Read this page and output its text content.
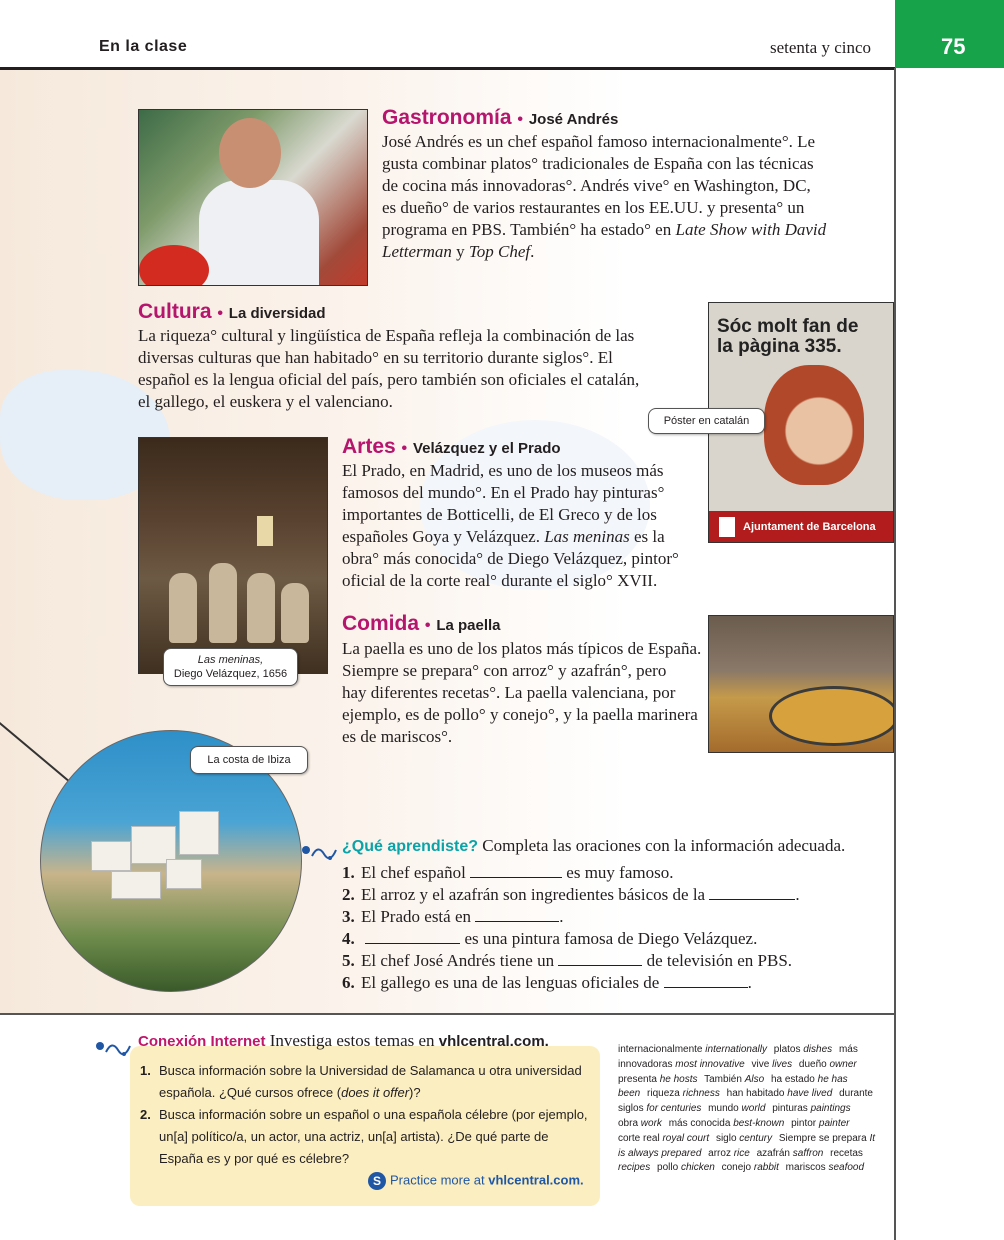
En la clase	setenta y cinco	75
Gastronomía • José Andrés
José Andrés es un chef español famoso internacionalmente°. Le
gusta combinar platos° tradicionales de España con las técnicas
de cocina más innovadoras°. Andrés vive° en Washington, DC,
es dueño° de varios restaurantes en los EE.UU. y presenta° un
programa en PBS. También° ha estado° en Late Show with David
Letterman y Top Chef.
Cultura • La diversidad
La riqueza° cultural y lingüística de España refleja la combinación de las
diversas culturas que han habitado° en su territorio durante siglos°. El
español es la lengua oficial del país, pero también son oficiales el catalán,
el gallego, el euskera y el valenciano.
Sóc molt fan de
la pàgina 335.
Ajuntament de Barcelona
Póster en catalán
Las meninas,
Diego Velázquez, 1656
Artes • Velázquez y el Prado
El Prado, en Madrid, es uno de los museos más
famosos del mundo°. En el Prado hay pinturas°
importantes de Botticelli, de El Greco y de los
españoles Goya y Velázquez. Las meninas es la
obra° más conocida° de Diego Velázquez, pintor°
oficial de la corte real° durante el siglo° XVII.
Comida • La paella
La paella es uno de los platos más típicos de España.
Siempre se prepara° con arroz° y azafrán°, pero
hay diferentes recetas°. La paella valenciana, por
ejemplo, es de pollo° y conejo°, y la paella marinera
es de mariscos°.
La costa de Ibiza
¿Qué aprendiste? Completa las oraciones con la información adecuada.
1. El chef español	es muy famoso.
2. El arroz y el azafrán son ingredientes básicos de la	.
3. El Prado está en	.
4.	es una pintura famosa de Diego Velázquez.
5. El chef José Andrés tiene un	de televisión en PBS.
6. El gallego es una de las lenguas oficiales de	.
Conexión Internet Investiga estos temas en vhlcentral.com.
1. Busca información sobre la Universidad de Salamanca u otra universidad española. ¿Qué cursos ofrece (does it offer)?
2. Busca información sobre un español o una española célebre (por ejemplo, un[a] político/a, un actor, una actriz, un[a] artista). ¿De qué parte de España es y por qué es célebre?
S Practice more at vhlcentral.com.
internacionalmente internationally platos dishes más innovadoras most innovative vive lives dueño owner presenta he hosts También Also ha estado he has been riqueza richness han habitado have lived durante siglos for centuries mundo world pinturas paintings obra work más conocida best-known pintor painter corte real royal court siglo century Siempre se prepara It is always prepared arroz rice azafrán saffron recetas recipes pollo chicken conejo rabbit mariscos seafood
